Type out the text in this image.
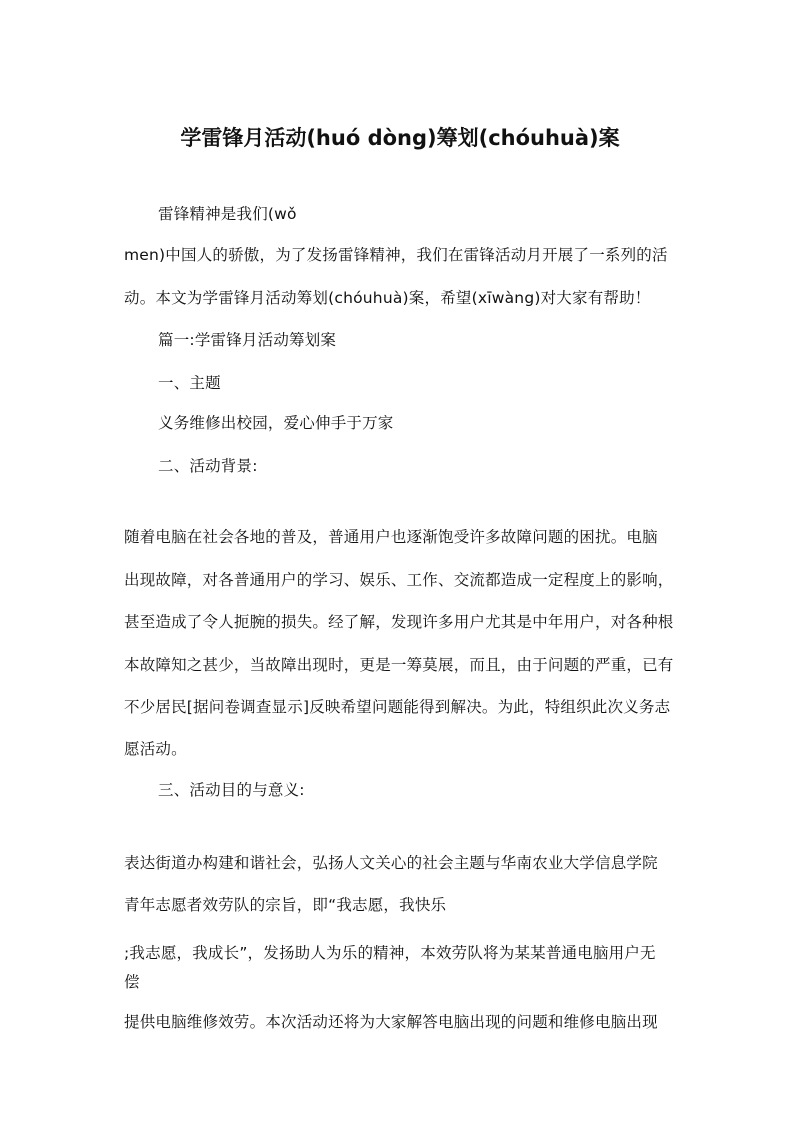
学雷锋月活动(huó dòng)筹划(chóuhuà)案
雷锋精神是我们(wǒ
men)中国人的骄傲，为了发扬雷锋精神，我们在雷锋活动月开展了一系列的活
动。本文为学雷锋月活动筹划(chóuhuà)案，希望(xīwàng)对大家有帮助！
篇一:学雷锋月活动筹划案
一、主题
义务维修出校园，爱心伸手于万家
二、活动背景:
随着电脑在社会各地的普及，普通用户也逐渐饱受许多故障问题的困扰。电脑
出现故障，对各普通用户的学习、娱乐、工作、交流都造成一定程度上的影响，
甚至造成了令人扼腕的损失。经了解，发现许多用户尤其是中年用户，对各种根
本故障知之甚少，当故障出现时，更是一筹莫展，而且，由于问题的严重，已有
不少居民[据问卷调查显示]反映希望问题能得到解决。为此，特组织此次义务志
愿活动。
三、活动目的与意义:
表达街道办构建和谐社会，弘扬人文关心的社会主题与华南农业大学信息学院
青年志愿者效劳队的宗旨，即“我志愿，我快乐
;我志愿，我成长”，发扬助人为乐的精神，本效劳队将为某某普通电脑用户无
偿
提供电脑维修效劳。本次活动还将为大家解答电脑出现的问题和维修电脑出现
